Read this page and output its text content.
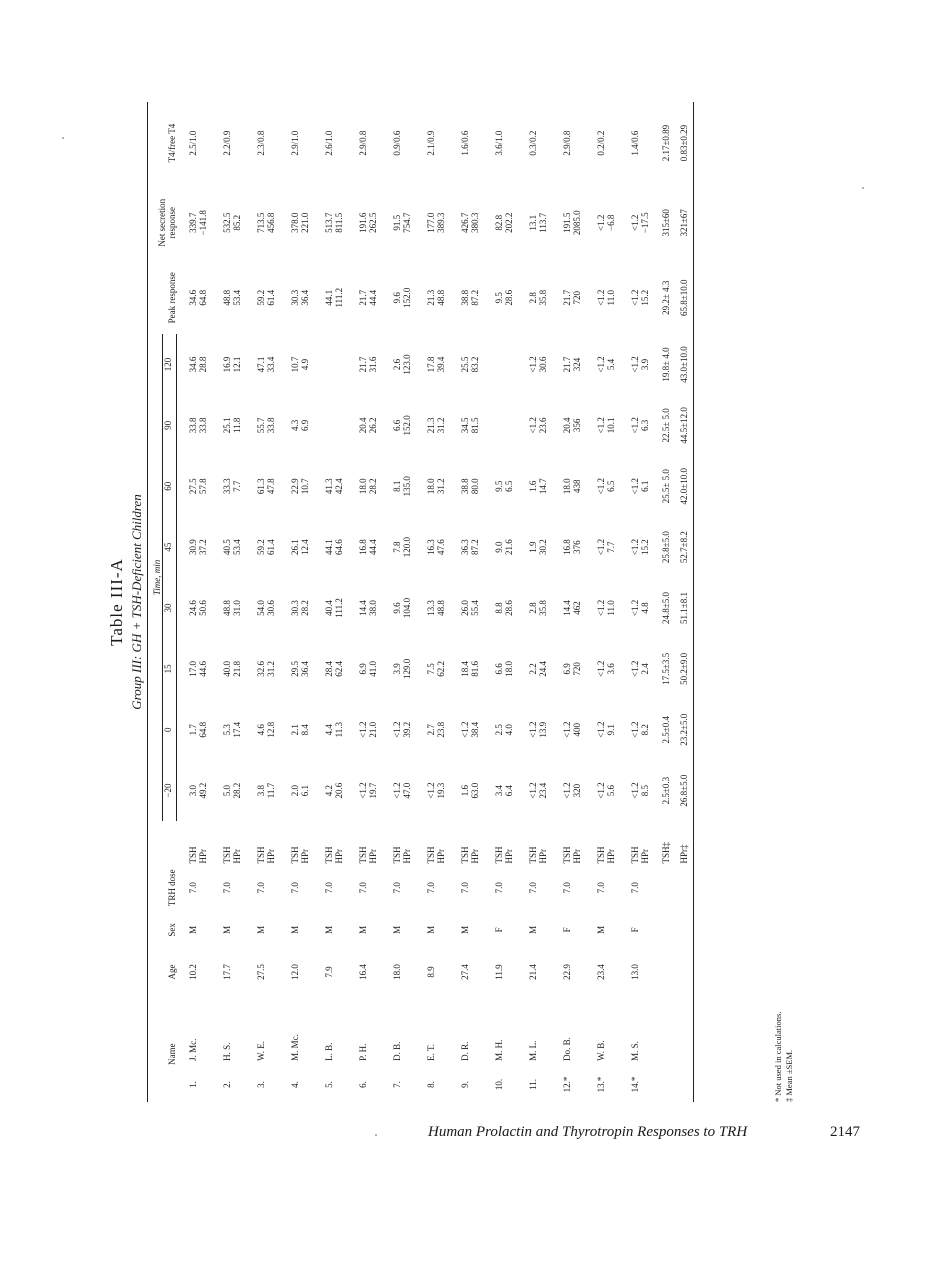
Table III-A Group III: GH + TSH-Deficient Children
	Name	Age	Sex	TRH dose		Time, min								Peak response	Net secretion response	T4/free T4
						−20	0	15	30	45	60	90	120			
1.	J. Mc.	10.2	M	7.0	TSH HPr	3.0 49.2	1.7 64.8	17.0 44.6	24.6 50.6	30.9 37.2	27.5 57.8	33.8 33.8	34.6 28.8	34.6 64.8	339.7 −141.8	2.5/1.0
2.	H. S.	17.7	M	7.0	TSH HPr	5.0 28.2	5.3 17.4	40.0 21.8	48.8 31.0	40.5 53.4	33.3 7.7	25.1 11.8	16.9 12.1	48.8 53.4	532.5 85.2	2.2/0.9
3.	W. E.	27.5	M	7.0	TSH HPr	3.8 11.7	4.6 12.8	32.6 31.2	54.0 30.6	59.2 61.4	61.3 47.8	55.7 33.8	47.1 33.4	59.2 61.4	713.5 456.8	2.3/0.8
4.	M. Mc.	12.0	M	7.0	TSH HPr	2.0 6.1	2.1 8.4	29.5 36.4	30.3 28.2	26.1 12.4	22.9 10.7	4.3 6.9	10.7 4.9	30.3 36.4	378.0 221.0	2.9/1.0
5.	L. B.	7.9	M	7.0	TSH HPr	4.2 20.6	4.4 11.3	28.4 62.4	40.4 111.2	44.1 64.6	41.3 42.4			44.1 111.2	513.7 811.5	2.6/1.0
6.	P. H.	16.4	M	7.0	TSH HPr	<1.2 19.7	<1.2 21.0	6.9 41.0	14.4 38.0	16.8 44.4	18.0 28.2	20.4 26.2	21.7 31.6	21.7 44.4	191.6 262.5	2.9/0.8
7.	D. B.	18.0	M	7.0	TSH HPr	<1.2 47.0	<1.2 39.2	3.9 129.0	9.6 104.0	7.8 120.0	8.1 135.0	6.6 152.0	2.6 123.0	9.6 152.0	91.5 754.7	0.9/0.6
8.	E. T.	8.9	M	7.0	TSH HPr	<1.2 19.3	2.7 23.8	7.5 62.2	13.3 48.8	16.3 47.6	18.0 31.2	21.3 31.2	17.8 39.4	21.3 48.8	177.0 389.3	2.1/0.9
9.	D. R.	27.4	M	7.0	TSH HPr	1.6 63.0	<1.2 38.4	18.4 81.6	26.0 55.4	36.3 87.2	38.8 80.0	34.5 81.5	25.5 83.2	38.8 87.2	426.7 380.3	1.6/0.6
10.	M. H.	11.9	F	7.0	TSH HPr	3.4 6.4	2.5 4.0	6.6 18.0	8.8 28.6	9.0 21.6	9.5 6.5			9.5 28.6	82.8 202.2	3.6/1.0
11.	M. L.	21.4	M	7.0	TSH HPr	<1.2 23.4	<1.2 13.9	2.2 24.4	2.8 35.8	1.9 30.2	1.6 14.7	<1.2 23.6	<1.2 30.6	2.8 35.8	13.1 113.7	0.3/0.2
12.*	Do. B.	22.9	F	7.0	TSH HPr	<1.2 320	<1.2 400	6.9 720	14.4 462	16.8 376	18.0 438	20.4 356	21.7 324	21.7 720	191.5 2085.0	2.9/0.8
13.*	W. B.	23.4	M	7.0	TSH HPr	<1.2 5.6	<1.2 9.1	<1.2 3.6	<1.2 11.0	<1.2 7.7	<1.2 6.5	<1.2 10.1	<1.2 5.4	<1.2 11.0	<1.2 −6.8	0.2/0.2
14.*	M. S.	13.0	F	7.0	TSH HPr	<1.2 8.5	<1.2 8.2	<1.2 2.4	<1.2 4.8	<1.2 15.2	<1.2 6.1	<1.2 6.3	<1.2 3.9	<1.2 15.2	<1.2 −17.5	1.4/0.6
					TSH‡	2.5±0.3	2.5±0.4	17.5±3.5	24.8±5.0	25.8±5.0	25.5± 5.0	22.5± 5.0	19.8± 4.0	29.2± 4.3	315±60	2.17±0.89
					HPr‡	26.8±5.0	23.2±5.0	50.2±9.0	51.1±8.1	52.7±8.2	42.0±10.0	44.5±12.0	43.0±10.0	65.8±10.0	321±67	0.83±0.29
* Not used in calculations. ‡ Mean ±SEM.
Human Prolactin and Thyrotropin Responses to TRH	2147
